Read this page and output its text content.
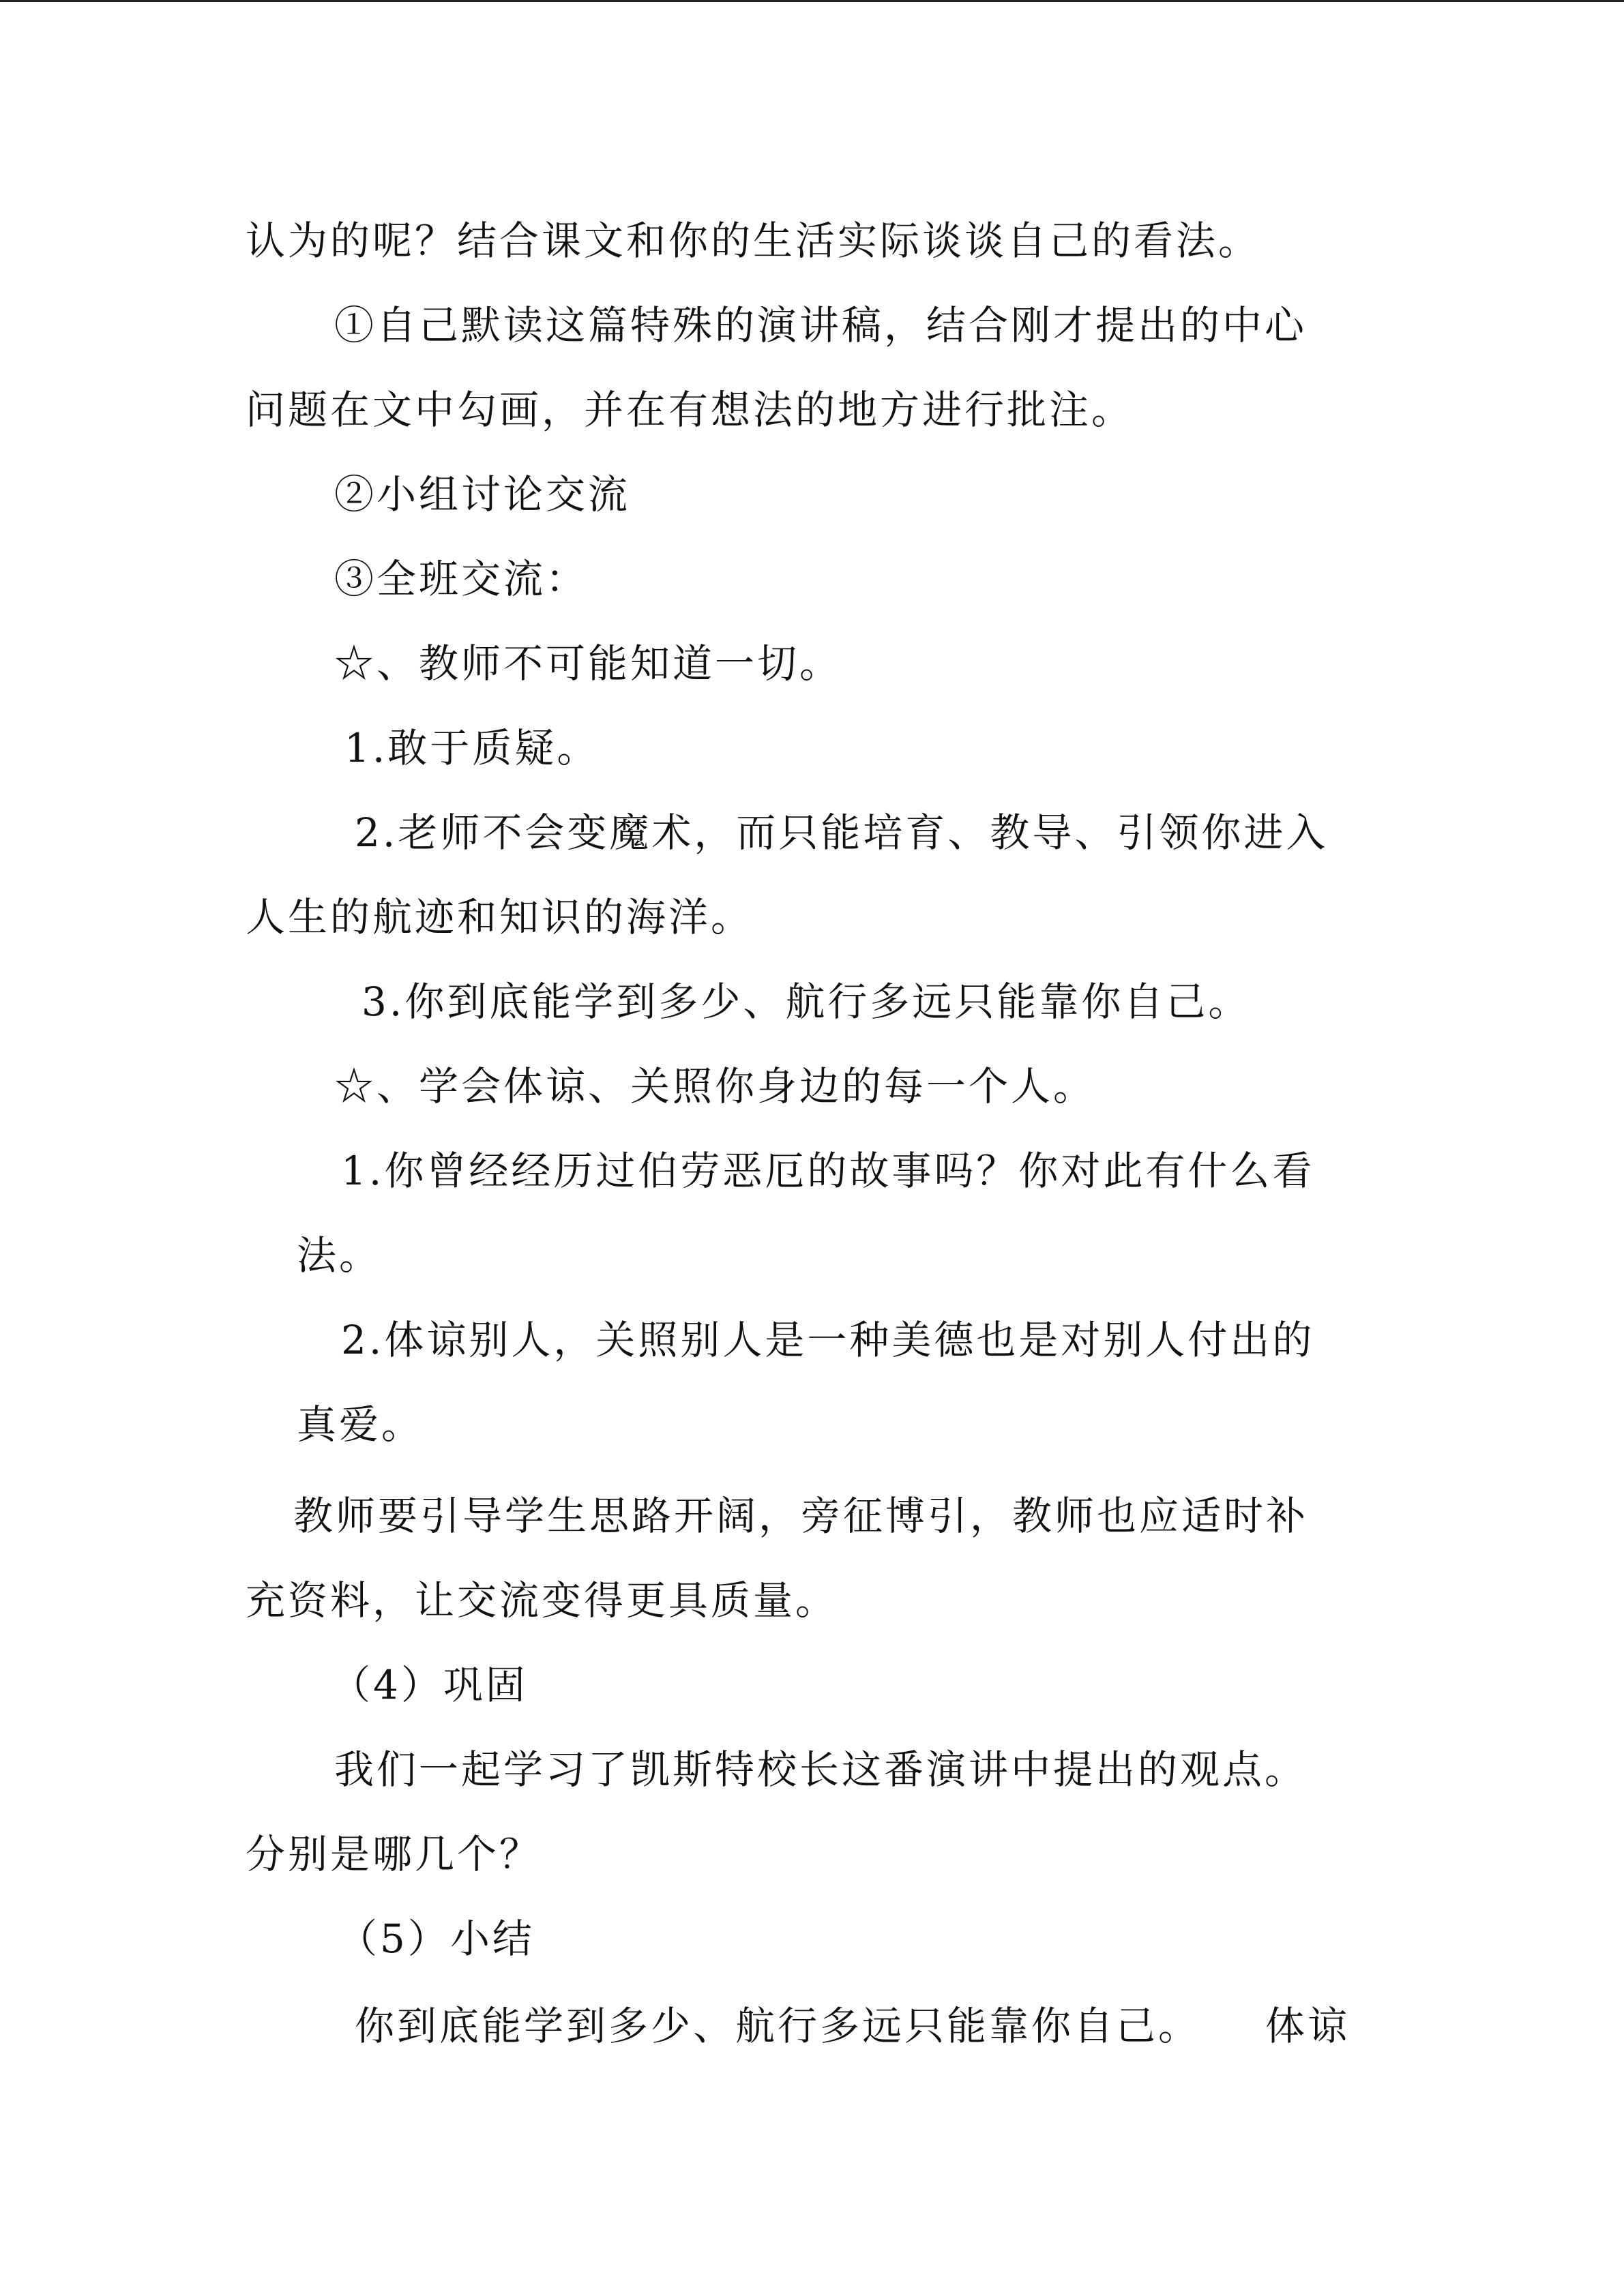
认为的呢？结合课文和你的生活实际谈谈自己的看法。
①自己默读这篇特殊的演讲稿，结合刚才提出的中心
问题在文中勾画，并在有想法的地方进行批注。
②小组讨论交流
③全班交流：
☆、教师不可能知道一切。
1.敢于质疑。
2.老师不会变魔术，而只能培育、教导、引领你进入
人生的航迹和知识的海洋。
3.你到底能学到多少、航行多远只能靠你自己。
☆、学会体谅、关照你身边的每一个人。
1.你曾经经历过伯劳恶厄的故事吗？你对此有什么看
法。
2.体谅别人，关照别人是一种美德也是对别人付出的
真爱。
教师要引导学生思路开阔，旁征博引，教师也应适时补
充资料，让交流变得更具质量。
（4）巩固
我们一起学习了凯斯特校长这番演讲中提出的观点。
分别是哪几个？
（5）小结
你到底能学到多少、航行多远只能靠你自己。　　体谅
